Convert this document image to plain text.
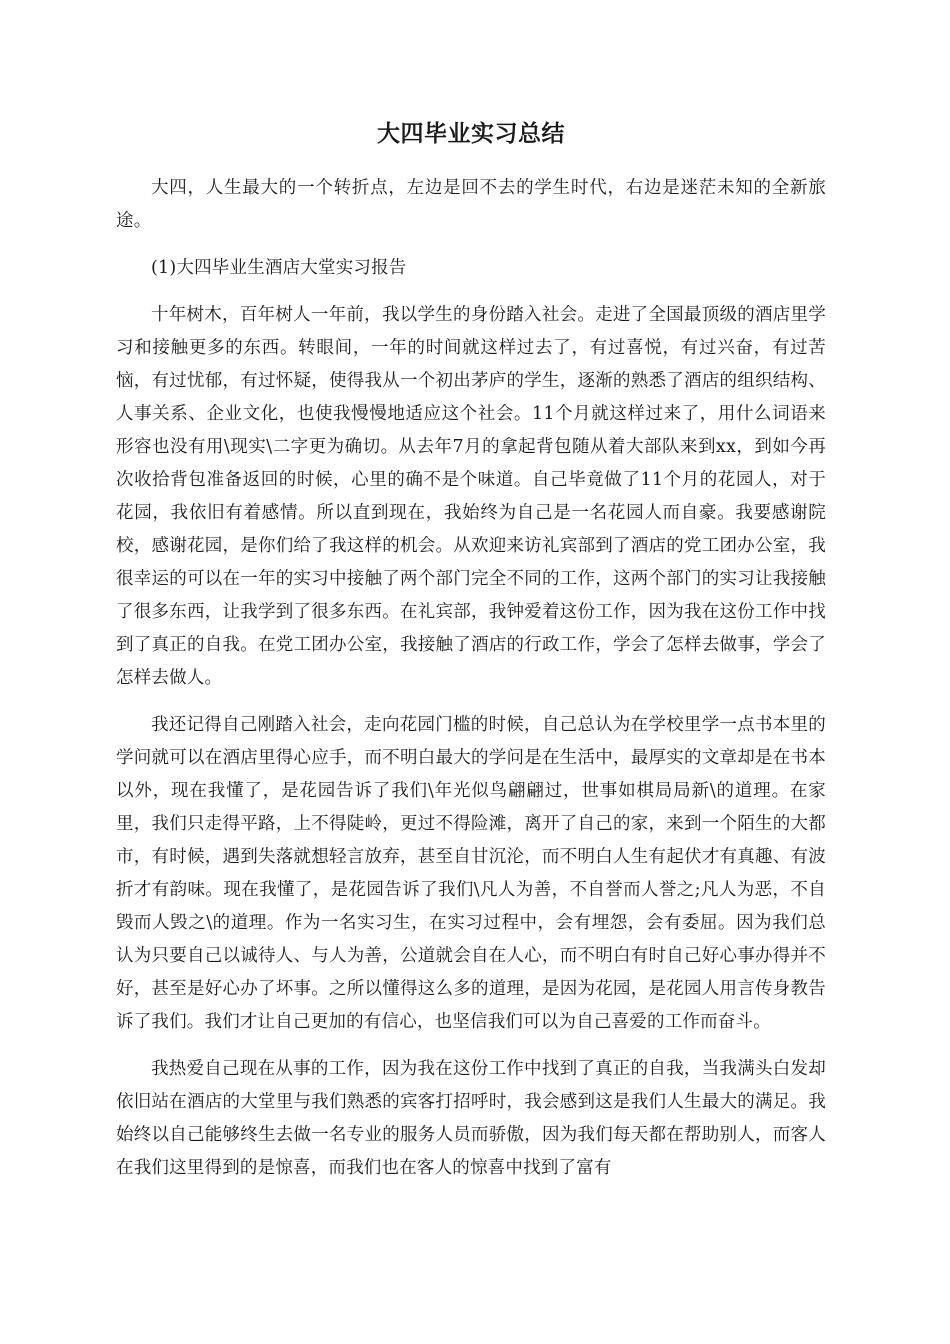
大四毕业实习总结

大四，人生最大的一个转折点，左边是回不去的学生时代，右边是迷茫未知的全新旅途。

(1)大四毕业生酒店大堂实习报告

十年树木，百年树人一年前，我以学生的身份踏入社会。走进了全国最顶级的酒店里学习和接触更多的东西。转眼间，一年的时间就这样过去了，有过喜悦，有过兴奋，有过苦恼，有过忧郁，有过怀疑，使得我从一个初出茅庐的学生，逐渐的熟悉了酒店的组织结构、人事关系、企业文化，也使我慢慢地适应这个社会。11个月就这样过来了，用什么词语来形容也没有用\现实\二字更为确切。从去年7月的拿起背包随从着大部队来到xx，到如今再次收拾背包准备返回的时候，心里的确不是个味道。自己毕竟做了11个月的花园人，对于花园，我依旧有着感情。所以直到现在，我始终为自己是一名花园人而自豪。我要感谢院校，感谢花园，是你们给了我这样的机会。从欢迎来访礼宾部到了酒店的党工团办公室，我很幸运的可以在一年的实习中接触了两个部门完全不同的工作，这两个部门的实习让我接触了很多东西，让我学到了很多东西。在礼宾部，我钟爱着这份工作，因为我在这份工作中找到了真正的自我。在党工团办公室，我接触了酒店的行政工作，学会了怎样去做事，学会了怎样去做人。

我还记得自己刚踏入社会，走向花园门槛的时候，自己总认为在学校里学一点书本里的学问就可以在酒店里得心应手，而不明白最大的学问是在生活中，最厚实的文章却是在书本以外，现在我懂了，是花园告诉了我们\年光似鸟翩翩过，世事如棋局局新\的道理。在家里，我们只走得平路，上不得陡岭，更过不得险滩，离开了自己的家，来到一个陌生的大都市，有时候，遇到失落就想轻言放弃，甚至自甘沉沦，而不明白人生有起伏才有真趣、有波折才有韵味。现在我懂了，是花园告诉了我们\凡人为善，不自誉而人誉之;凡人为恶，不自毁而人毁之\的道理。作为一名实习生，在实习过程中，会有埋怨，会有委屈。因为我们总认为只要自己以诚待人、与人为善，公道就会自在人心，而不明白有时自己好心事办得并不好，甚至是好心办了坏事。之所以懂得这么多的道理，是因为花园，是花园人用言传身教告诉了我们。我们才让自己更加的有信心，也坚信我们可以为自己喜爱的工作而奋斗。

我热爱自己现在从事的工作，因为我在这份工作中找到了真正的自我，当我满头白发却依旧站在酒店的大堂里与我们熟悉的宾客打招呼时，我会感到这是我们人生最大的满足。我始终以自己能够终生去做一名专业的服务人员而骄傲，因为我们每天都在帮助别人，而客人在我们这里得到的是惊喜，而我们也在客人的惊喜中找到了富有
